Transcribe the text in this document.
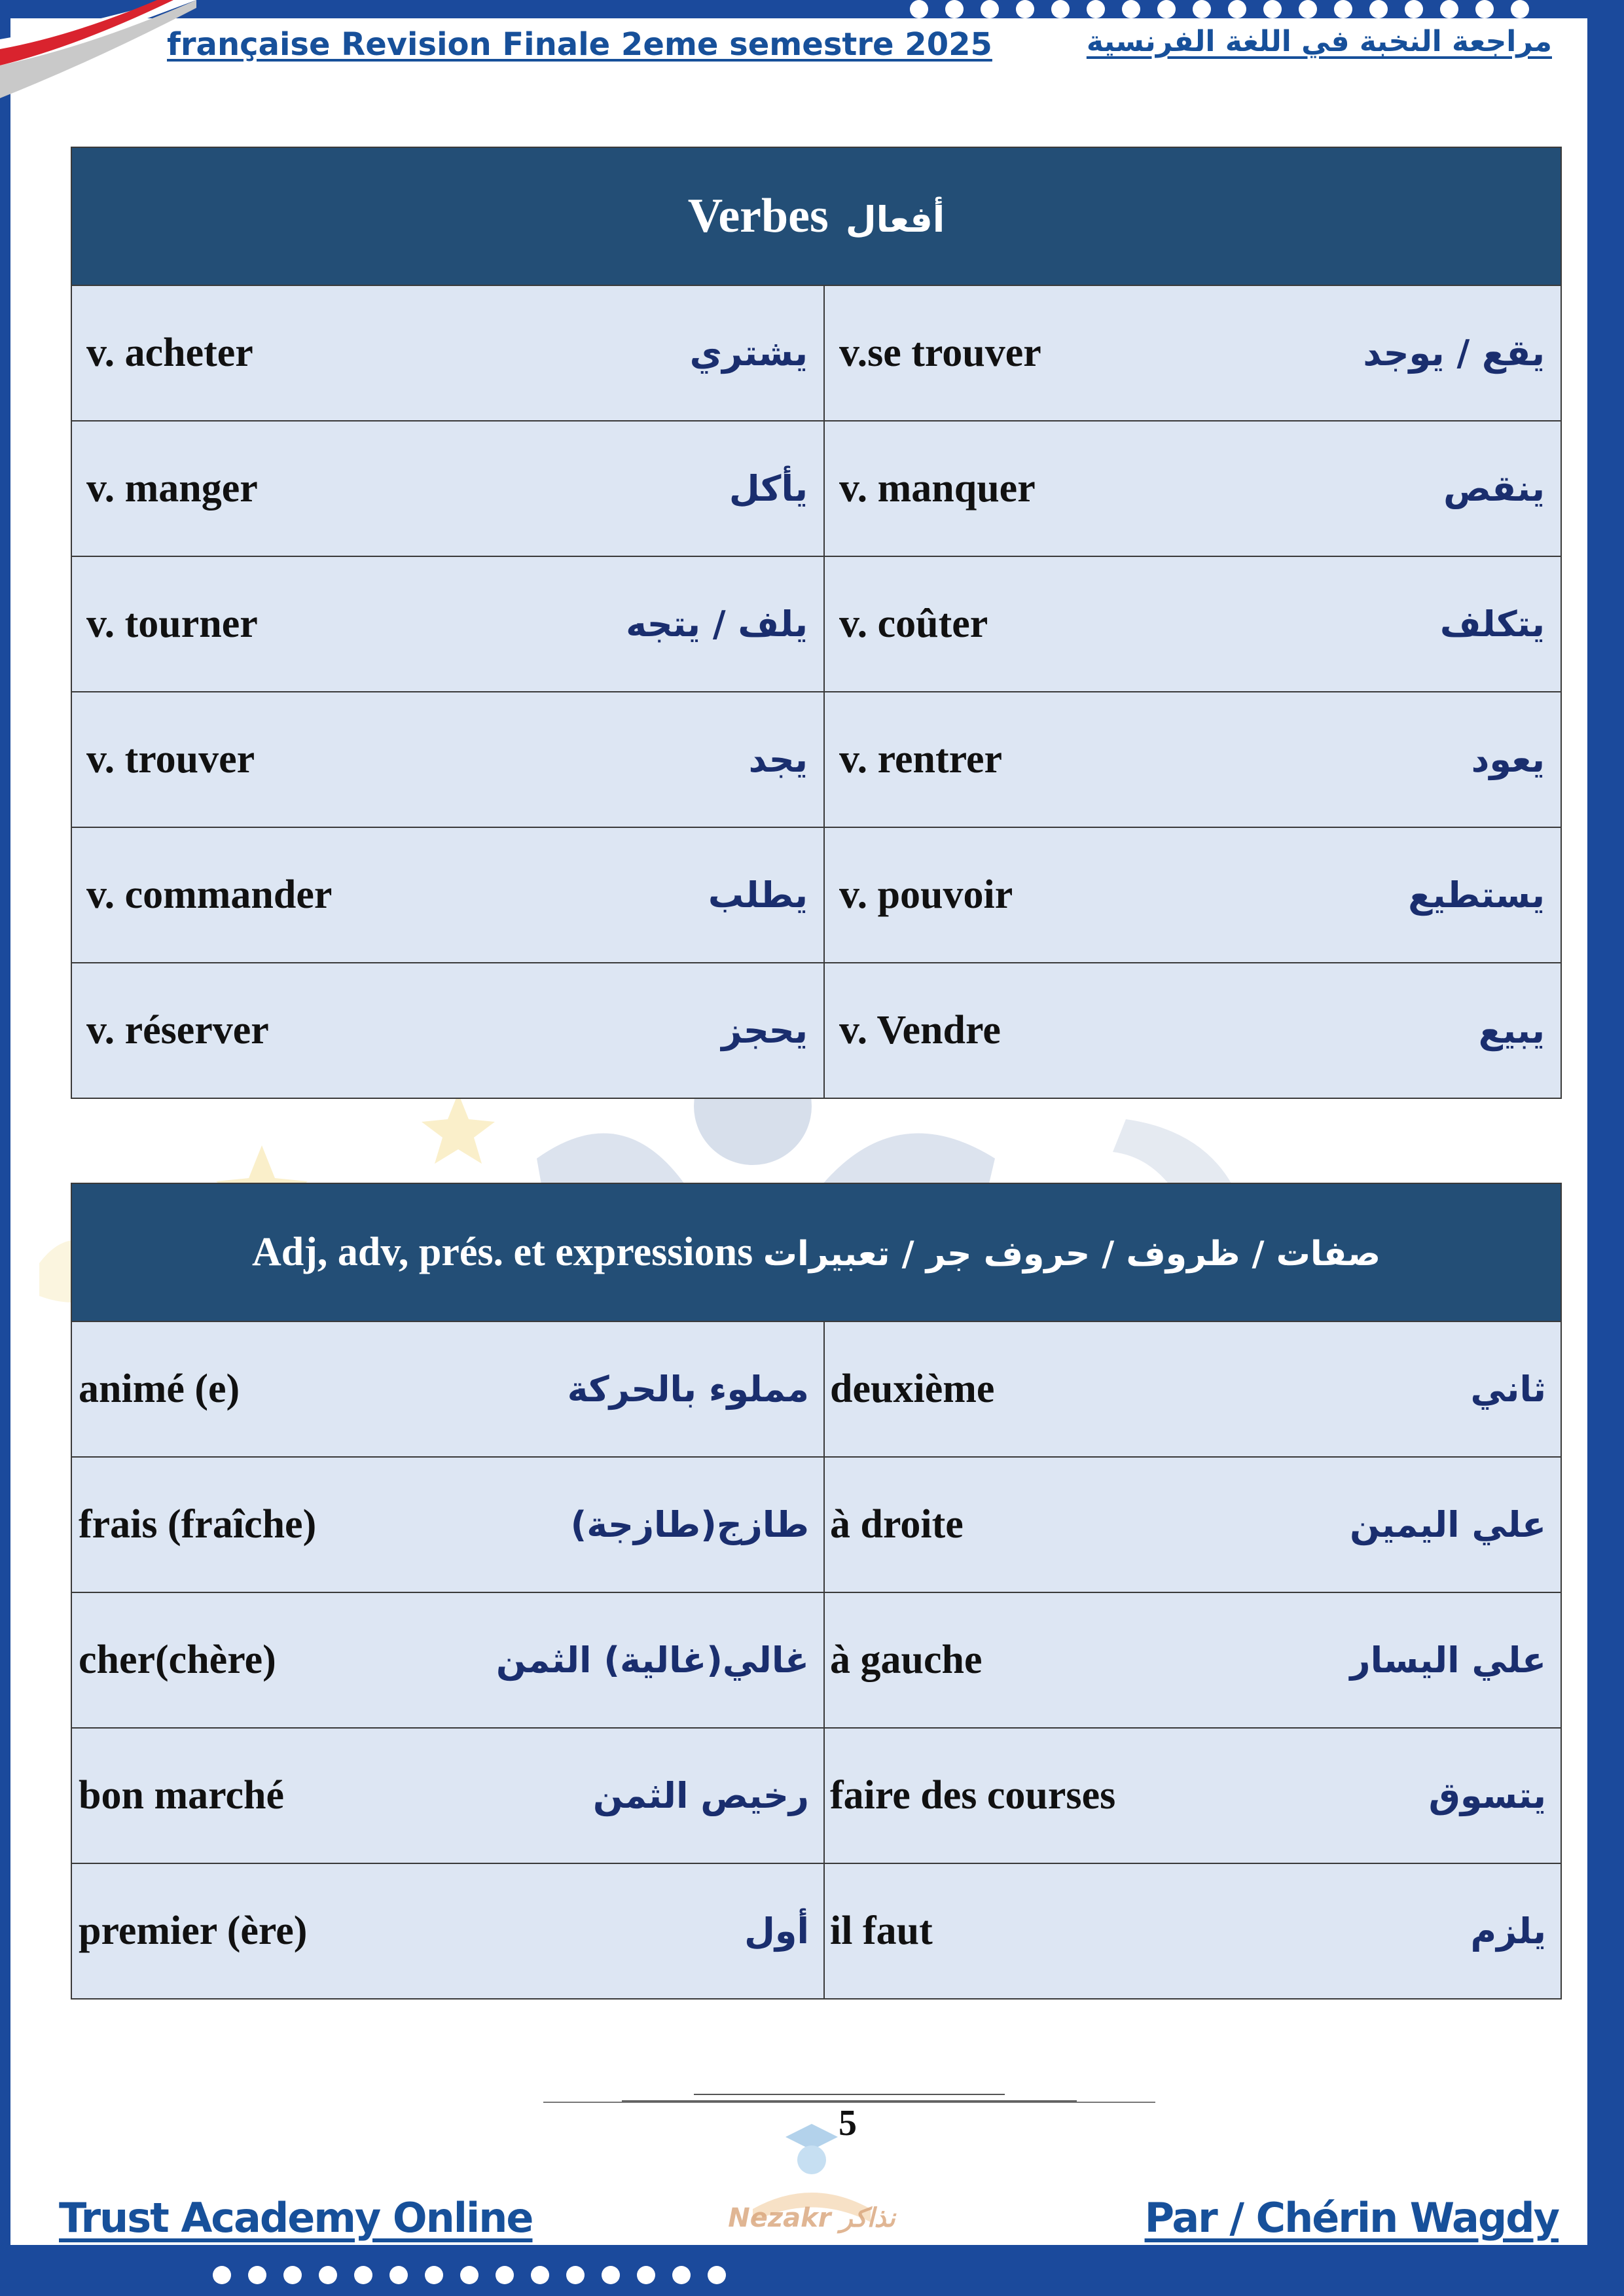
française Revision Finale 2eme semestre 2025	مراجعة النخبة في اللغة الفرنسية
Verbes أفعال	

v. acheter يشتري	v.se trouver يقع / يوجد

v. manger يأكل	v. manquer ينقص

v. tourner يلف / يتجه	v. coûter يتكلف

v. trouver يجد	v. rentrer يعود

v. commander يطلب	v. pouvoir يستطيع

v. réserver يحجز	v. Vendre يبيع
Adj, adv, prés. et expressions صفات / ظروف / حروف جر / تعبيرات	

animé (e) مملوء بالحركة	deuxième ثاني

frais (fraîche) طازج(طازجة)	à droite علي اليمين

cher(chère) غالي(غالية) الثمن	à gauche علي اليسار

bon marché رخيص الثمن	faire des courses يتسوق

premier (ère) أول	il faut يلزم
5
Nezakr نذاكر
Trust Academy Online	Par / Chérin Wagdy
